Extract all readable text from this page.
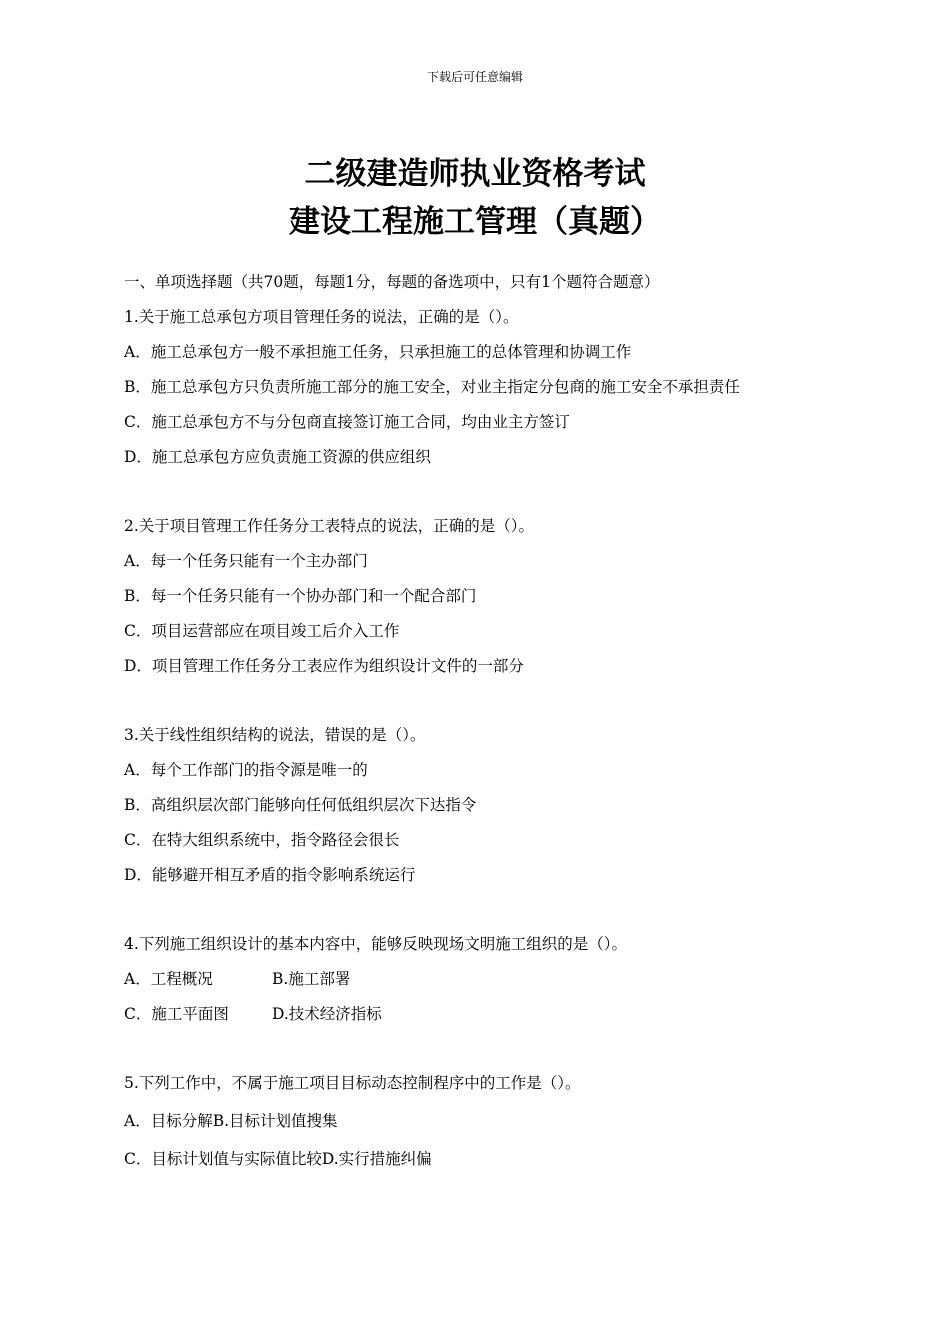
下载后可任意编辑
二级建造师执业资格考试
建设工程施工管理（真题）
一、单项选择题（共70题，每题1分，每题的备选项中，只有1个题符合题意）
1.关于施工总承包方项目管理任务的说法，正确的是（）。
A．施工总承包方一般不承担施工任务，只承担施工的总体管理和协调工作
B．施工总承包方只负责所施工部分的施工安全，对业主指定分包商的施工安全不承担责任
C．施工总承包方不与分包商直接签订施工合同，均由业主方签订
D．施工总承包方应负责施工资源的供应组织
2.关于项目管理工作任务分工表特点的说法，正确的是（）。
A．每一个任务只能有一个主办部门
B．每一个任务只能有一个协办部门和一个配合部门
C．项目运营部应在项目竣工后介入工作
D．项目管理工作任务分工表应作为组织设计文件的一部分
3.关于线性组织结构的说法，错误的是（）。
A．每个工作部门的指令源是唯一的
B．高组织层次部门能够向任何低组织层次下达指令
C．在特大组织系统中，指令路径会很长
D．能够避开相互矛盾的指令影响系统运行
4.下列施工组织设计的基本内容中，能够反映现场文明施工组织的是（）。
A．工程概况	B.施工部署
C．施工平面图	D.技术经济指标
5.下列工作中，不属于施工项目目标动态控制程序中的工作是（）。
A．目标分解B.目标计划值搜集
C．目标计划值与实际值比较D.实行措施纠偏
